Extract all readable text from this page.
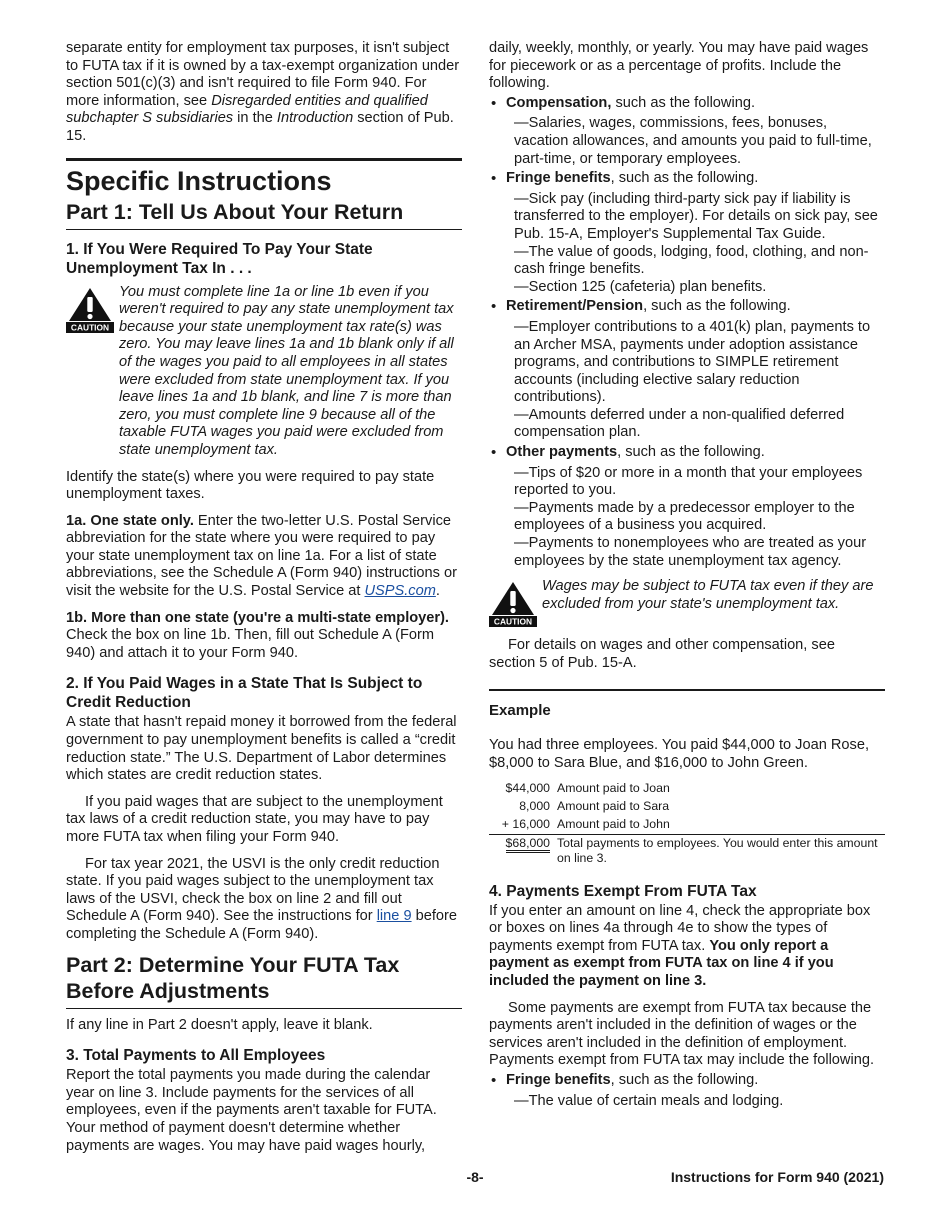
separate entity for employment tax purposes, it isn't subject to FUTA tax if it is owned by a tax-exempt organization under section 501(c)(3) and isn't required to file Form 940. For more information, see Disregarded entities and qualified subchapter S subsidiaries in the Introduction section of Pub. 15.

Specific Instructions
Part 1: Tell Us About Your Return
1. If You Were Required To Pay Your State Unemployment Tax In . . .
CAUTION

You must complete line 1a or line 1b even if you weren't required to pay any state unemployment tax because your state unemployment tax rate(s) was zero. You may leave lines 1a and 1b blank only if all of the wages you paid to all employees in all states were excluded from state unemployment tax. If you leave lines 1a and 1b blank, and line 7 is more than zero, you must complete line 9 because all of the taxable FUTA wages you paid were excluded from state unemployment tax.

Identify the state(s) where you were required to pay state unemployment taxes.

1a. One state only. Enter the two-letter U.S. Postal Service abbreviation for the state where you were required to pay your state unemployment tax on line 1a. For a list of state abbreviations, see the Schedule A (Form 940) instructions or visit the website for the U.S. Postal Service at USPS.com.

1b. More than one state (you're a multi-state employer). Check the box on line 1b. Then, fill out Schedule A (Form 940) and attach it to your Form 940.

2. If You Paid Wages in a State That Is Subject to Credit Reduction

A state that hasn't repaid money it borrowed from the federal government to pay unemployment benefits is called a “credit reduction state.” The U.S. Department of Labor determines which states are credit reduction states.

If you paid wages that are subject to the unemployment tax laws of a credit reduction state, you may have to pay more FUTA tax when filing your Form 940.

For tax year 2021, the USVI is the only credit reduction state. If you paid wages subject to the unemployment tax laws of the USVI, check the box on line 2 and fill out Schedule A (Form 940). See the instructions for line 9 before completing the Schedule A (Form 940).

Part 2: Determine Your FUTA Tax Before Adjustments

If any line in Part 2 doesn't apply, leave it blank.

3. Total Payments to All Employees

Report the total payments you made during the calendar year on line 3. Include payments for the services of all employees, even if the payments aren't taxable for FUTA. Your method of payment doesn't determine whether payments are wages. You may have paid wages hourly,

daily, weekly, monthly, or yearly. You may have paid wages for piecework or as a percentage of profits. Include the following.

• Compensation, such as the following.

—Salaries, wages, commissions, fees, bonuses, vacation allowances, and amounts you paid to full-time, part-time, or temporary employees.

• Fringe benefits, such as the following.

—Sick pay (including third-party sick pay if liability is transferred to the employer). For details on sick pay, see Pub. 15-A, Employer's Supplemental Tax Guide.

—The value of goods, lodging, food, clothing, and non-cash fringe benefits.

—Section 125 (cafeteria) plan benefits.

• Retirement/Pension, such as the following.

—Employer contributions to a 401(k) plan, payments to an Archer MSA, payments under adoption assistance programs, and contributions to SIMPLE retirement accounts (including elective salary reduction contributions).

—Amounts deferred under a non-qualified deferred compensation plan.

• Other payments, such as the following.

—Tips of $20 or more in a month that your employees reported to you.

—Payments made by a predecessor employer to the employees of a business you acquired.

—Payments to nonemployees who are treated as your employees by the state unemployment tax agency.

CAUTION

Wages may be subject to FUTA tax even if they are excluded from your state's unemployment tax.

For details on wages and other compensation, see section 5 of Pub. 15-A.

Example

You had three employees. You paid $44,000 to Joan Rose, $8,000 to Sara Blue, and $16,000 to John Green.

$44,000 Amount paid to Joan
8,000 Amount paid to Sara
+ 16,000 Amount paid to John
$68,000 Total payments to employees. You would enter this amount on line 3.
4. Payments Exempt From FUTA Tax

If you enter an amount on line 4, check the appropriate box or boxes on lines 4a through 4e to show the types of payments exempt from FUTA tax. You only report a payment as exempt from FUTA tax on line 4 if you included the payment on line 3.

Some payments are exempt from FUTA tax because the payments aren't included in the definition of wages or the services aren't included in the definition of employment. Payments exempt from FUTA tax may include the following.

• Fringe benefits, such as the following.

—The value of certain meals and lodging.

-8-	Instructions for Form 940 (2021)
